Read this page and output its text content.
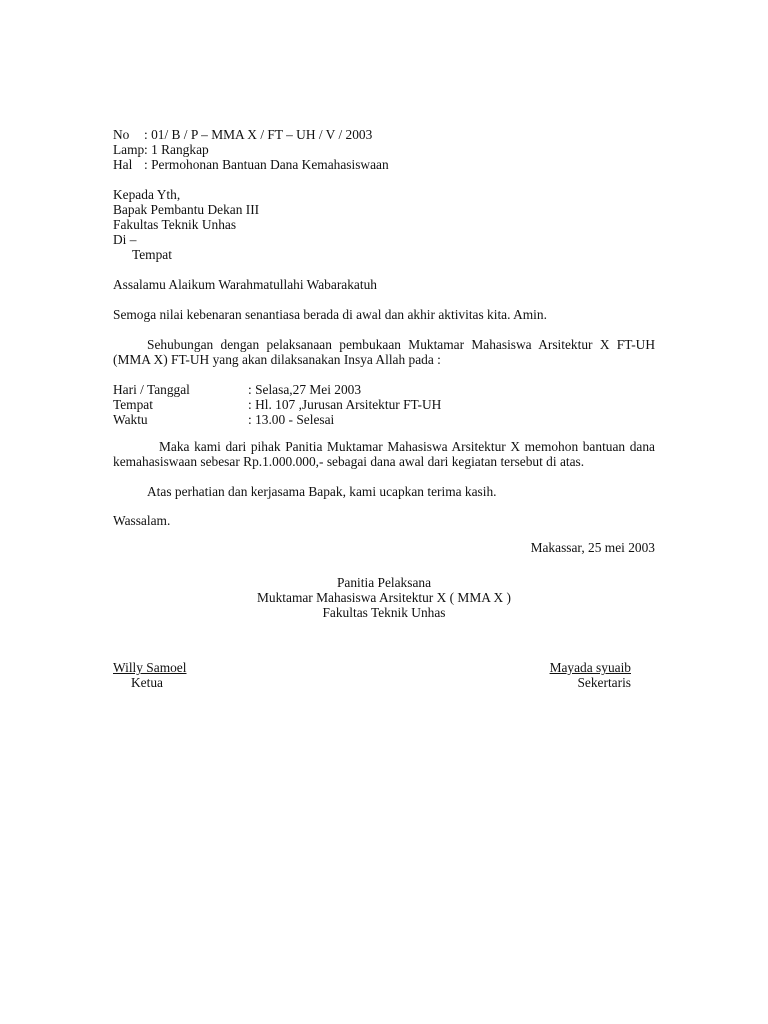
No : 01/ B / P – MMA X / FT – UH / V / 2003
Lamp : 1 Rangkap
Hal : Permohonan Bantuan Dana Kemahasiswaan
Kepada Yth,
Bapak Pembantu Dekan III
Fakultas Teknik Unhas
Di –
Tempat
Assalamu Alaikum Warahmatullahi Wabarakatuh
Semoga nilai kebenaran senantiasa berada di awal dan akhir aktivitas kita. Amin.
Sehubungan dengan pelaksanaan pembukaan Muktamar Mahasiswa Arsitektur X FT-UH (MMA X) FT-UH yang akan dilaksanakan Insya Allah pada :
Hari / Tanggal	: Selasa,27 Mei 2003
Tempat	: Hl. 107 ,Jurusan Arsitektur FT-UH
Waktu	: 13.00 - Selesai
Maka kami dari pihak Panitia Muktamar Mahasiswa Arsitektur X memohon bantuan dana kemahasiswaan sebesar Rp.1.000.000,- sebagai dana awal dari kegiatan tersebut di atas.
Atas perhatian dan kerjasama Bapak, kami ucapkan terima kasih.
Wassalam.
Makassar, 25 mei 2003
Panitia Pelaksana
Muktamar Mahasiswa Arsitektur X ( MMA X )
Fakultas Teknik Unhas
Willy Samoel
Ketua
Mayada syuaib
Sekertaris
